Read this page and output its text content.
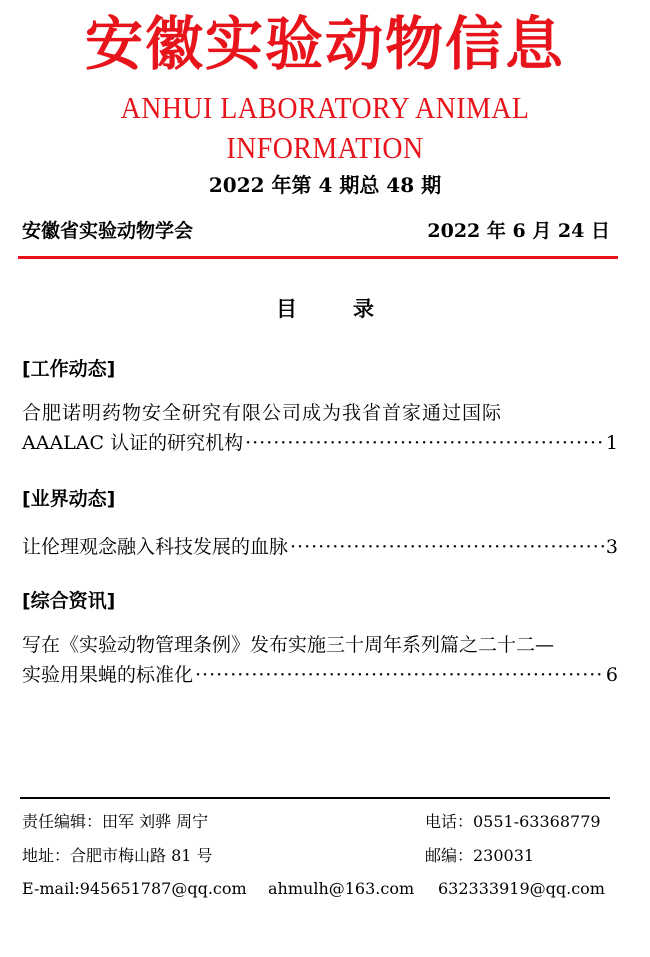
安徽实验动物信息
ANHUI LABORATORY ANIMAL INFORMATION
2022 年第 4 期总 48 期
安徽省实验动物学会	2022 年 6 月 24 日
目录
[工作动态]
合肥诺明药物安全研究有限公司成为我省首家通过国际
AAALAC 认证的研究机构 ·····	1
[业界动态]
让伦理观念融入科技发展的血脉 ·····	3
[综合资讯]
写在《实验动物管理条例》发布实施三十周年系列篇之二十二—
实验用果蝇的标准化 ·····	6
责任编辑：田军 刘骅 周宁	电话：0551-63368779
地址：合肥市梅山路 81 号	邮编：230031
E-mail:945651787@qq.com ahmulh@163.com 632333919@qq.com
